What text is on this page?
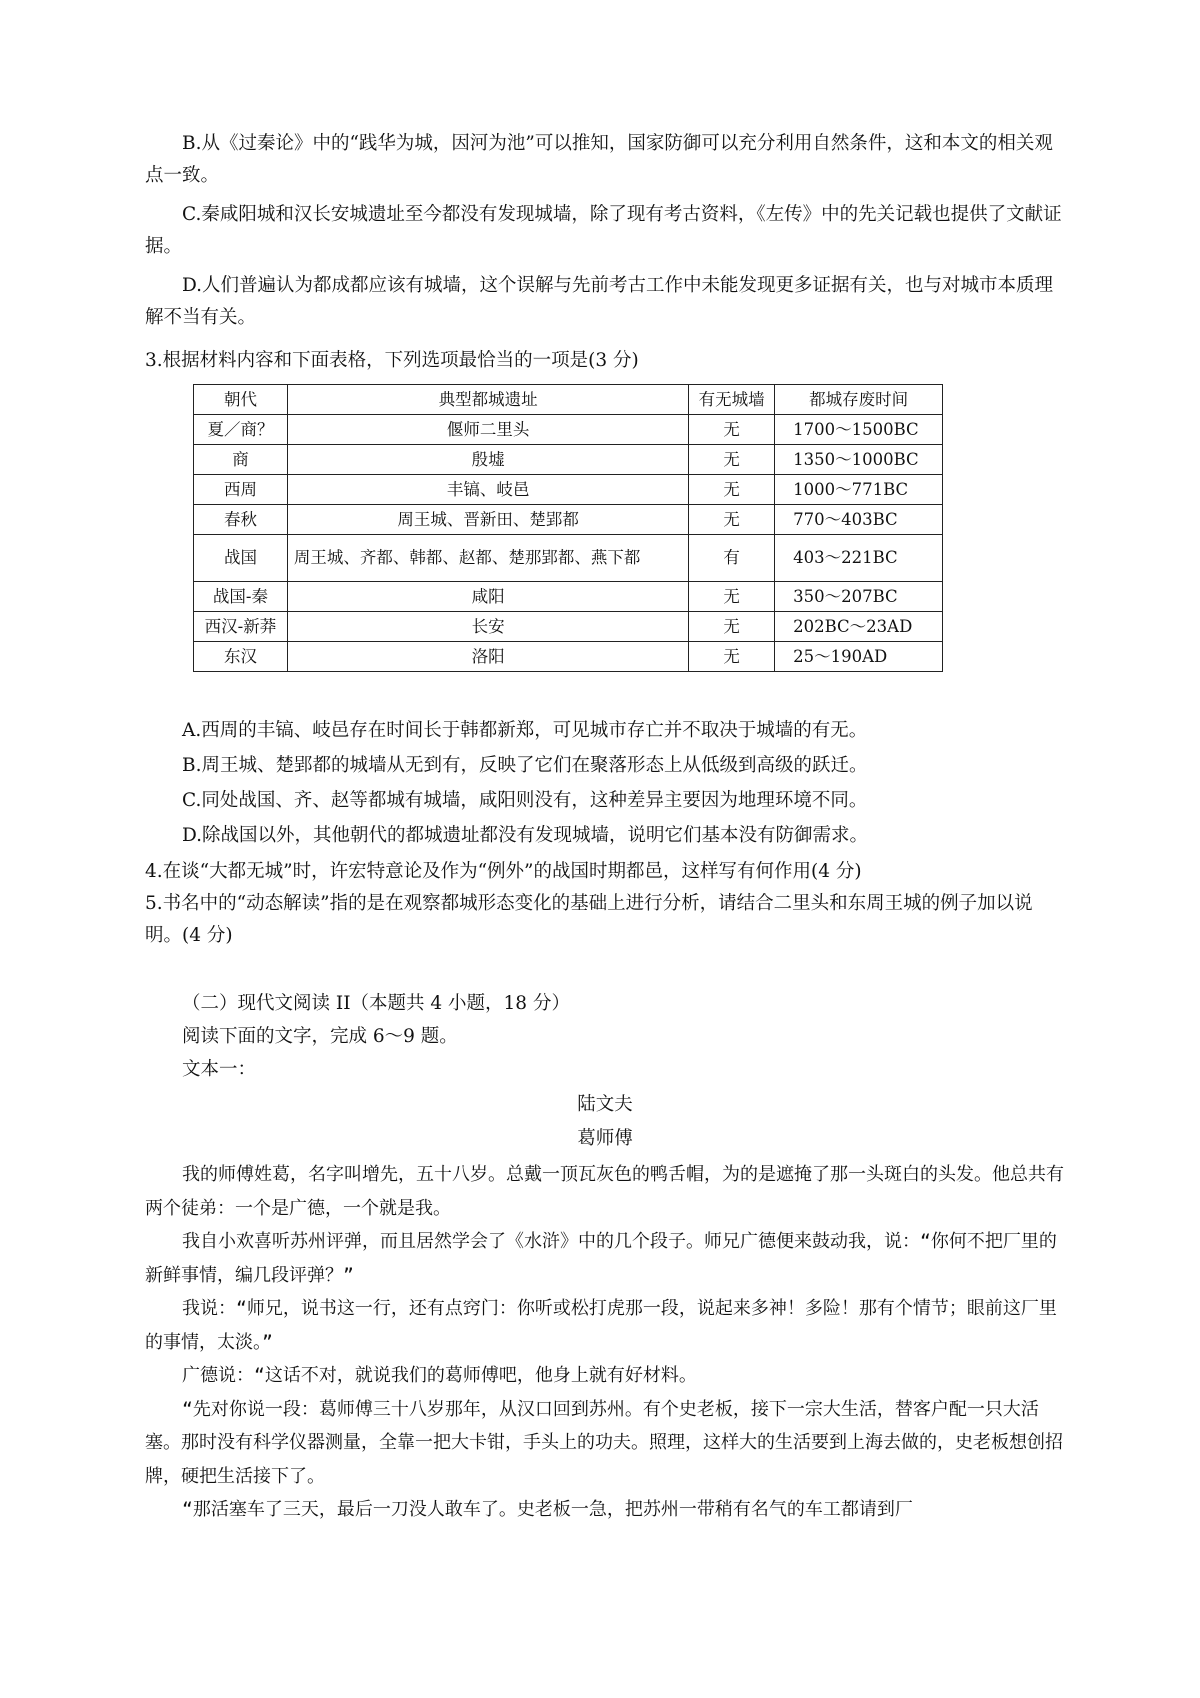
B.从《过秦论》中的“践华为城，因河为池”可以推知，国家防御可以充分利用自然条件，这和本文的相关观点一致。

C.秦咸阳城和汉长安城遗址至今都没有发现城墙，除了现有考古资料，《左传》中的先关记载也提供了文献证据。

D.人们普遍认为都成都应该有城墙，这个误解与先前考古工作中未能发现更多证据有关，也与对城市本质理解不当有关。

3.根据材料内容和下面表格，下列选项最恰当的一项是(3 分)

朝代	典型都城遗址	有无城墙	都城存废时间
夏／商？	偃师二里头	无	1700～1500BC
商	殷墟	无	1350～1000BC
西周	丰镐、岐邑	无	1000～771BC
春秋	周王城、晋新田、楚郢都	无	770～403BC
战国	周王城、齐都、韩都、赵都、楚那郢都、燕下都	有	403～221BC
战国-秦	咸阳	无	350～207BC
西汉-新莽	长安	无	202BC～23AD
东汉	洛阳	无	25～190AD

A.西周的丰镐、岐邑存在时间长于韩都新郑，可见城市存亡并不取决于城墙的有无。

B.周王城、楚郢都的城墙从无到有，反映了它们在聚落形态上从低级到高级的跃迁。

C.同处战国、齐、赵等都城有城墙，咸阳则没有，这种差异主要因为地理环境不同。

D.除战国以外，其他朝代的都城遗址都没有发现城墙，说明它们基本没有防御需求。

4.在谈“大都无城”时，许宏特意论及作为“例外”的战国时期都邑，这样写有何作用(4 分)

5.书名中的“动态解读”指的是在观察都城形态变化的基础上进行分析，请结合二里头和东周王城的例子加以说明。(4 分)

（二）现代文阅读 II（本题共 4 小题，18 分）

阅读下面的文字，完成 6～9 题。

文本一：

陆文夫

葛师傅

我的师傅姓葛，名字叫增先，五十八岁。总戴一顶瓦灰色的鸭舌帽，为的是遮掩了那一头斑白的头发。他总共有两个徒弟：一个是广德，一个就是我。

我自小欢喜听苏州评弹，而且居然学会了《水浒》中的几个段子。师兄广德便来鼓动我，说：“你何不把厂里的新鲜事情，编几段评弹？”

我说：“师兄，说书这一行，还有点窍门：你听或松打虎那一段，说起来多神！多险！那有个情节；眼前这厂里的事情，太淡。”

广德说：“这话不对，就说我们的葛师傅吧，他身上就有好材料。

“先对你说一段：葛师傅三十八岁那年，从汉口回到苏州。有个史老板，接下一宗大生活，替客户配一只大活塞。那时没有科学仪器测量，全靠一把大卡钳，手头上的功夫。照理，这样大的生活要到上海去做的，史老板想创招牌，硬把生活接下了。

“那活塞车了三天，最后一刀没人敢车了。史老板一急，把苏州一带稍有名气的车工都请到厂
